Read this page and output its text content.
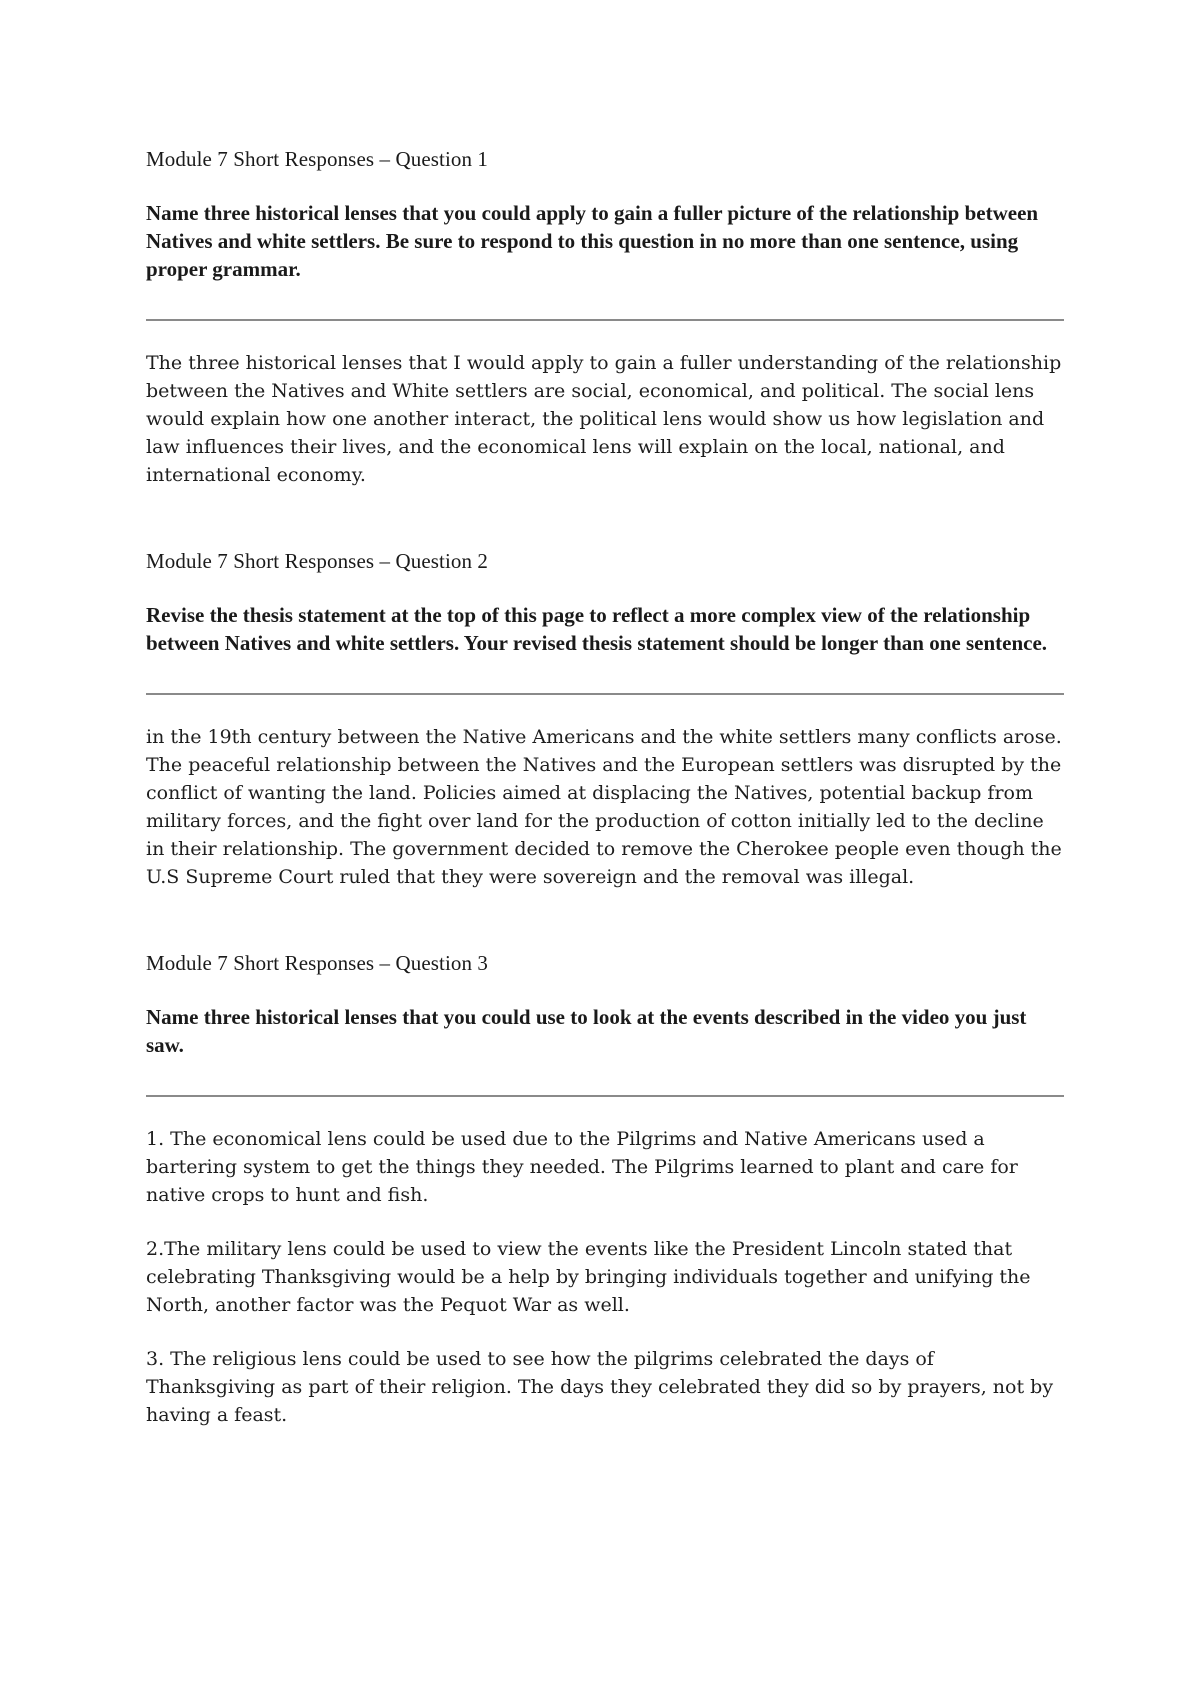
Module 7 Short Responses – Question 1

Name three historical lenses that you could apply to gain a fuller picture of the relationship between Natives and white settlers. Be sure to respond to this question in no more than one sentence, using proper grammar.

The three historical lenses that I would apply to gain a fuller understanding of the relationship between the Natives and White settlers are social, economical, and political. The social lens would explain how one another interact, the political lens would show us how legislation and law influences their lives, and the economical lens will explain on the local, national, and international economy.

Module 7 Short Responses – Question 2

Revise the thesis statement at the top of this page to reflect a more complex view of the relationship between Natives and white settlers. Your revised thesis statement should be longer than one sentence.

in the 19th century between the Native Americans and the white settlers many conflicts arose. The peaceful relationship between the Natives and the European settlers was disrupted by the conflict of wanting the land. Policies aimed at displacing the Natives, potential backup from military forces, and the fight over land for the production of cotton initially led to the decline in their relationship. The government decided to remove the Cherokee people even though the U.S Supreme Court ruled that they were sovereign and the removal was illegal.

Module 7 Short Responses – Question 3

Name three historical lenses that you could use to look at the events described in the video you just saw.

1. The economical lens could be used due to the Pilgrims and Native Americans used a bartering system to get the things they needed. The Pilgrims learned to plant and care for native crops to hunt and fish.

2.The military lens could be used to view the events like the President Lincoln stated that celebrating Thanksgiving would be a help by bringing individuals together and unifying the North, another factor was the Pequot War as well.

3. The religious lens could be used to see how the pilgrims celebrated the days of Thanksgiving as part of their religion. The days they celebrated they did so by prayers, not by having a feast.
